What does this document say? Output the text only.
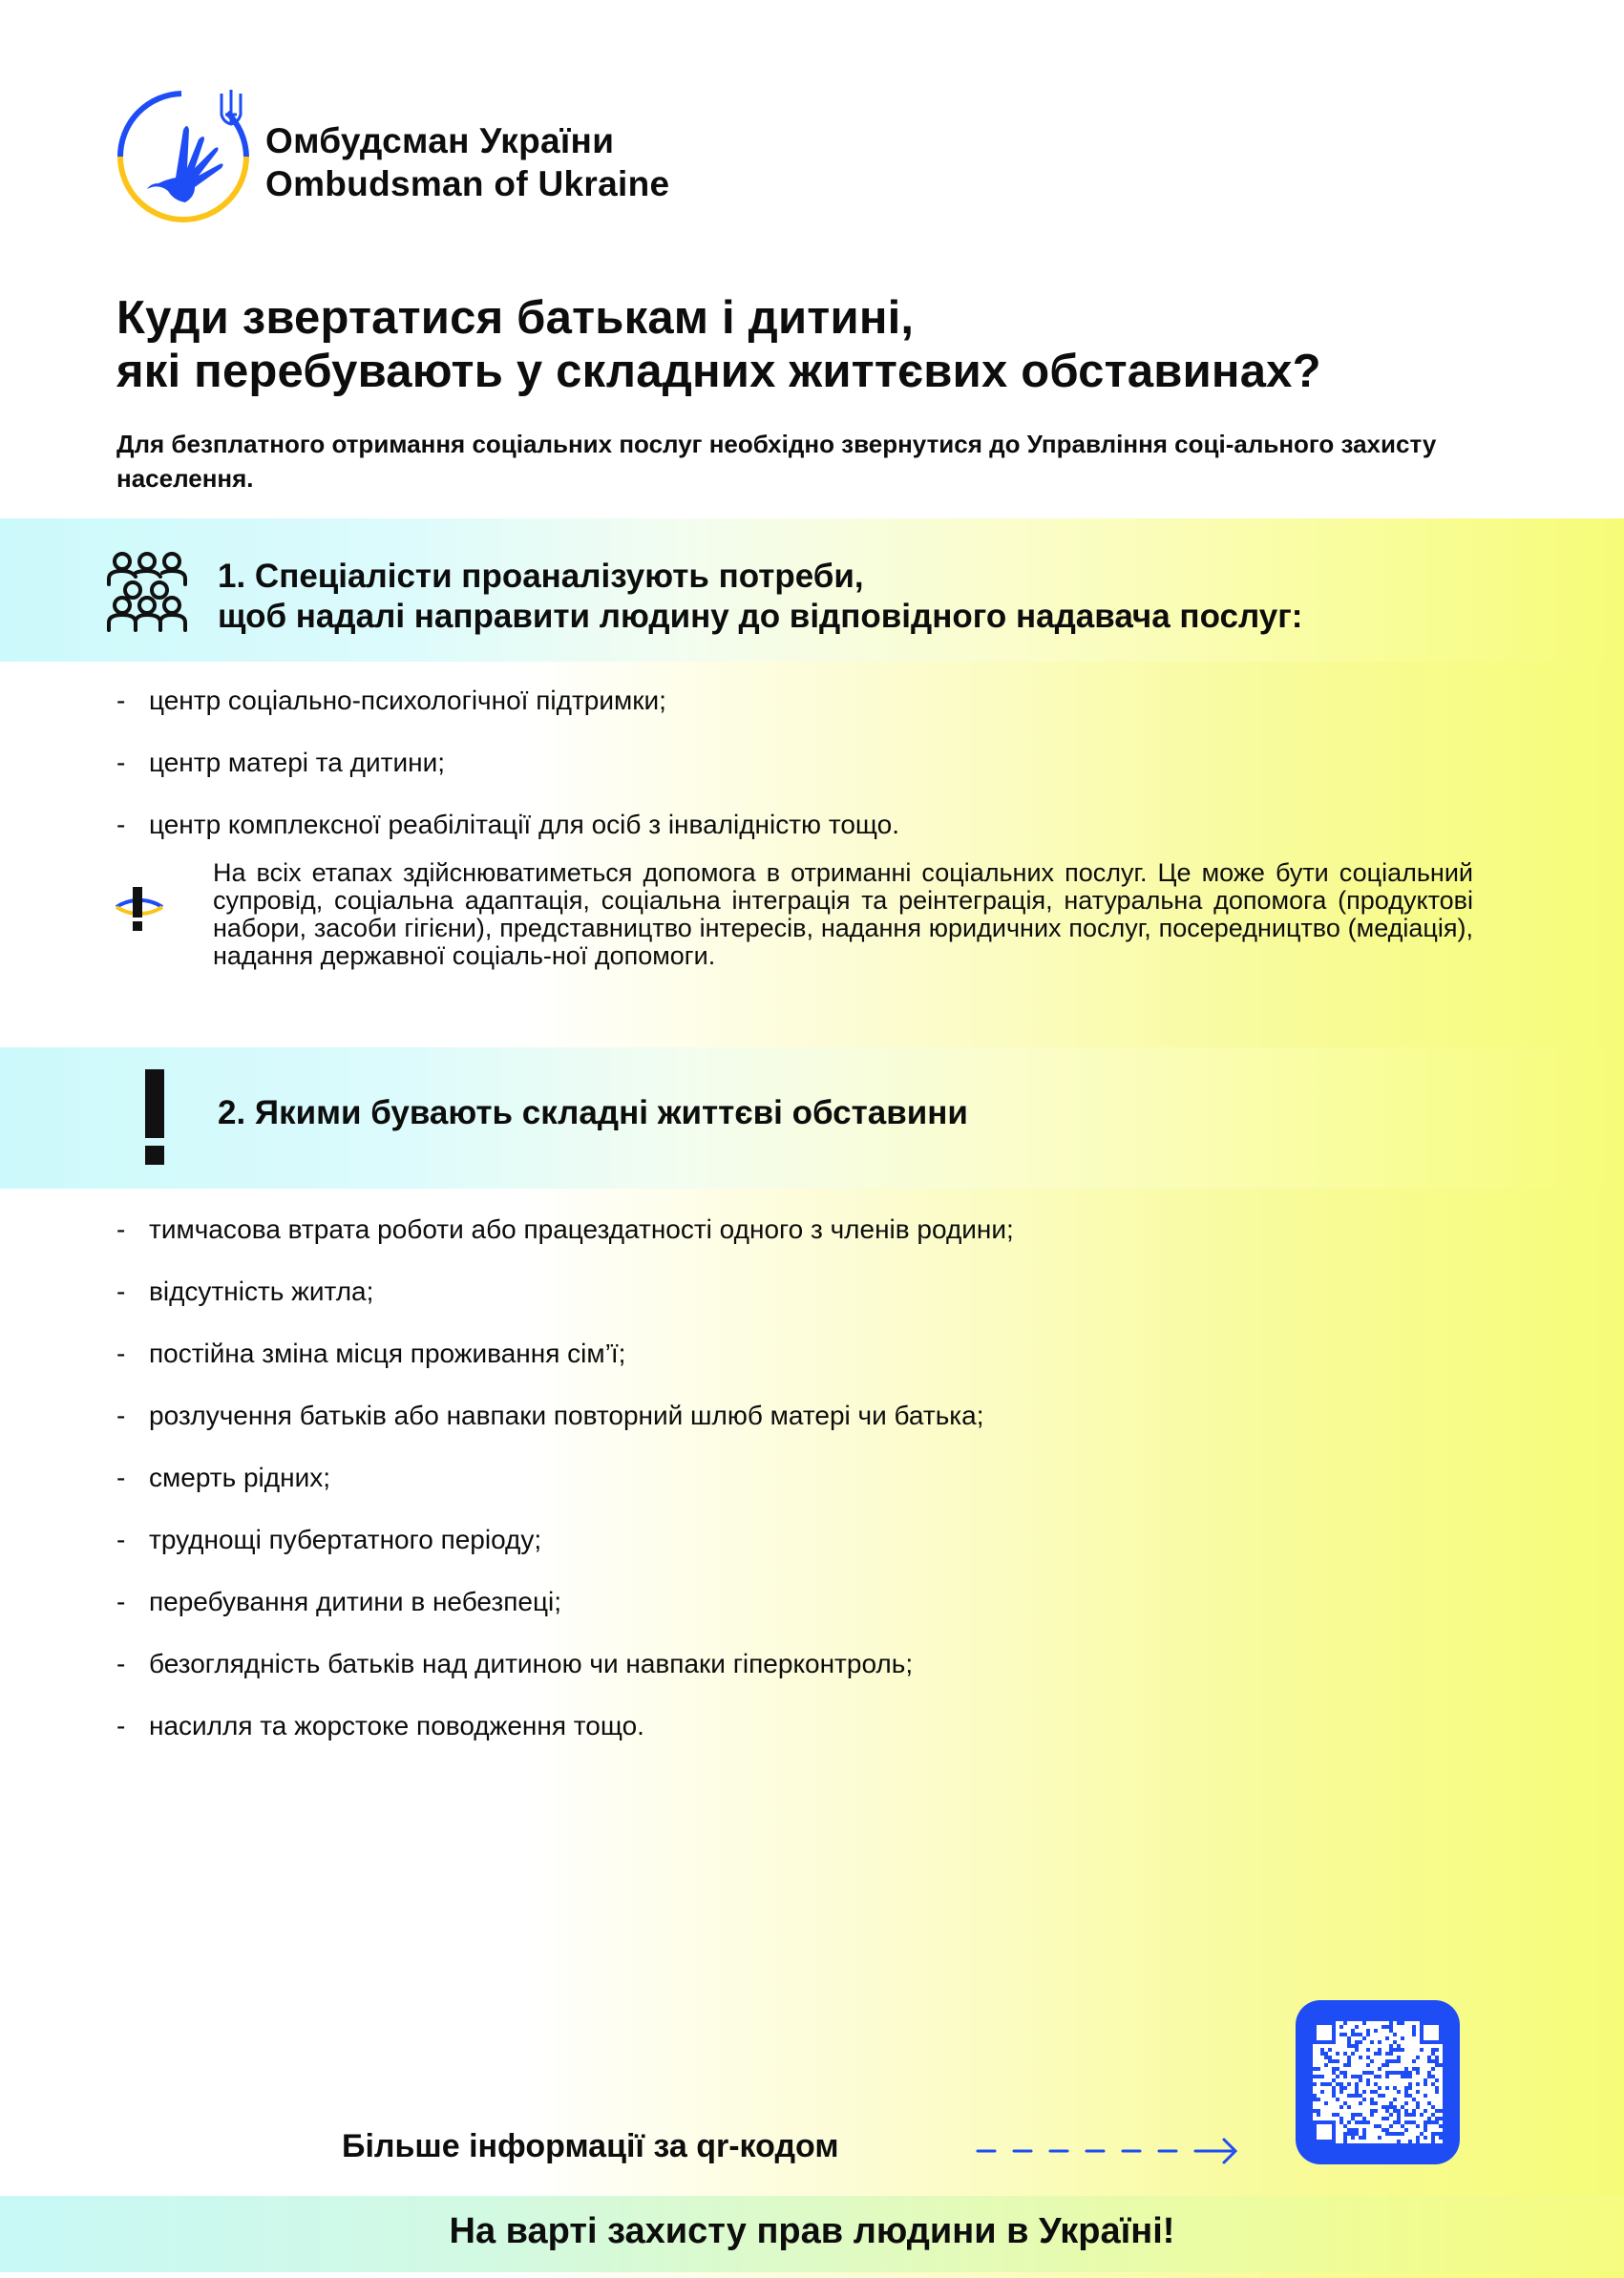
Омбудсман України
Ombudsman of Ukraine
Куди звертатися батькам і дитині,
які перебувають у складних життєвих обставинах?

Для безплатного отримання соціальних послуг необхідно звернутися до Управління соці-ального захисту населення.

1. Спеціалісти проаналізують потреби,
щоб надалі направити людину до відповідного надавача послуг:
- центр соціально-психологічної підтримки;
- центр матері та дитини;
- центр комплексної реабілітації для осіб з інвалідністю тощо.

На всіх етапах здійснюватиметься допомога в отриманні соціальних послуг. Це може бути соціальний супровід, соціальна адаптація, соціальна інтеграція та реінтеграція, натуральна допомога (продуктові набори, засоби гігієни), представництво інтересів, надання юридичних послуг, посередництво (медіація), надання державної соціаль-ної допомоги.

2. Якими бувають складні життєві обставини
- тимчасова втрата роботи або працездатності одного з членів родини;
- відсутність житла;
- постійна зміна місця проживання сім’ї;
- розлучення батьків або навпаки повторний шлюб матері чи батька;
- смерть рідних;
- труднощі пубертатного періоду;
- перебування дитини в небезпеці;
- безоглядність батьків над дитиною чи навпаки гіперконтроль;
- насилля та жорстоке поводження тощо.
Більше інформації за qr-кодом
На варті захисту прав людини в Україні!
